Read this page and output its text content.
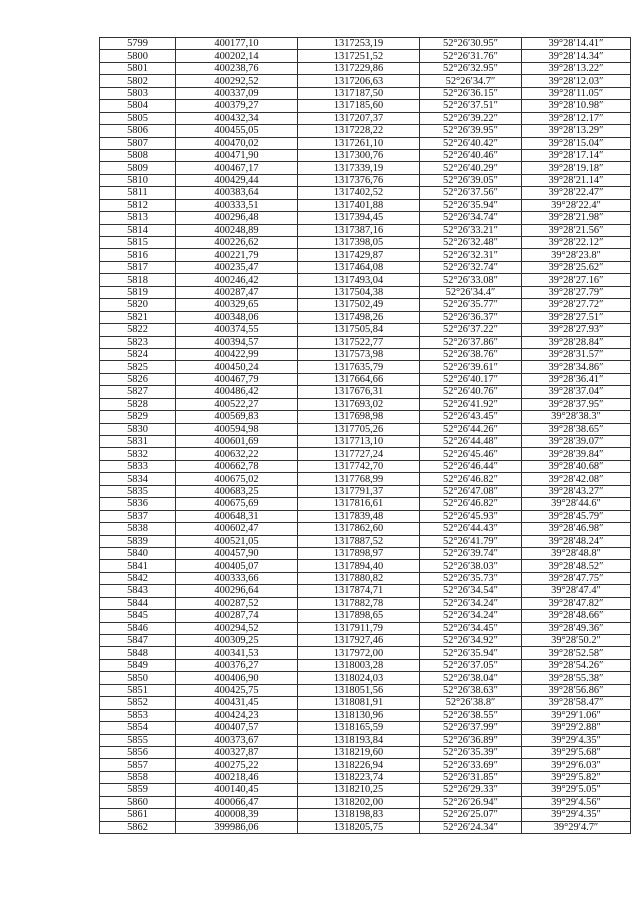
5799	400177,10	1317253,19	52°26′30.95″	39°28′14.41″
5800	400202,14	1317251,52	52°26′31.76″	39°28′14.34″
5801	400238,76	1317229,86	52°26′32.95″	39°28′13.22″
5802	400292,52	1317206,63	52°26′34.7″	39°28′12.03″
5803	400337,09	1317187,50	52°26′36.15″	39°28′11.05″
5804	400379,27	1317185,60	52°26′37.51″	39°28′10.98″
5805	400432,34	1317207,37	52°26′39.22″	39°28′12.17″
5806	400455,05	1317228,22	52°26′39.95″	39°28′13.29″
5807	400470,02	1317261,10	52°26′40.42″	39°28′15.04″
5808	400471,90	1317300,76	52°26′40.46″	39°28′17.14″
5809	400467,17	1317339,19	52°26′40.29″	39°28′19.18″
5810	400429,44	1317376,76	52°26′39.05″	39°28′21.14″
5811	400383,64	1317402,52	52°26′37.56″	39°28′22.47″
5812	400333,51	1317401,88	52°26′35.94″	39°28′22.4″
5813	400296,48	1317394,45	52°26′34.74″	39°28′21.98″
5814	400248,89	1317387,16	52°26′33.21″	39°28′21.56″
5815	400226,62	1317398,05	52°26′32.48″	39°28′22.12″
5816	400221,79	1317429,87	52°26′32.31″	39°28′23.8″
5817	400235,47	1317464,08	52°26′32.74″	39°28′25.62″
5818	400246,42	1317493,04	52°26′33.08″	39°28′27.16″
5819	400287,47	1317504,38	52°26′34.4″	39°28′27.79″
5820	400329,65	1317502,49	52°26′35.77″	39°28′27.72″
5821	400348,06	1317498,26	52°26′36.37″	39°28′27.51″
5822	400374,55	1317505,84	52°26′37.22″	39°28′27.93″
5823	400394,57	1317522,77	52°26′37.86″	39°28′28.84″
5824	400422,99	1317573,98	52°26′38.76″	39°28′31.57″
5825	400450,24	1317635,79	52°26′39.61″	39°28′34.86″
5826	400467,79	1317664,66	52°26′40.17″	39°28′36.41″
5827	400486,42	1317676,31	52°26′40.76″	39°28′37.04″
5828	400522,27	1317693,02	52°26′41.92″	39°28′37.95″
5829	400569,83	1317698,98	52°26′43.45″	39°28′38.3″
5830	400594,98	1317705,26	52°26′44.26″	39°28′38.65″
5831	400601,69	1317713,10	52°26′44.48″	39°28′39.07″
5832	400632,22	1317727,24	52°26′45.46″	39°28′39.84″
5833	400662,78	1317742,70	52°26′46.44″	39°28′40.68″
5834	400675,02	1317768,99	52°26′46.82″	39°28′42.08″
5835	400683,25	1317791,37	52°26′47.08″	39°28′43.27″
5836	400675,69	1317816,61	52°26′46.82″	39°28′44.6″
5837	400648,31	1317839,48	52°26′45.93″	39°28′45.79″
5838	400602,47	1317862,60	52°26′44.43″	39°28′46.98″
5839	400521,05	1317887,52	52°26′41.79″	39°28′48.24″
5840	400457,90	1317898,97	52°26′39.74″	39°28′48.8″
5841	400405,07	1317894,40	52°26′38.03″	39°28′48.52″
5842	400333,66	1317880,82	52°26′35.73″	39°28′47.75″
5843	400296,64	1317874,71	52°26′34.54″	39°28′47.4″
5844	400287,52	1317882,78	52°26′34.24″	39°28′47.82″
5845	400287,74	1317898,65	52°26′34.24″	39°28′48.66″
5846	400294,52	1317911,79	52°26′34.45″	39°28′49.36″
5847	400309,25	1317927,46	52°26′34.92″	39°28′50.2″
5848	400341,53	1317972,00	52°26′35.94″	39°28′52.58″
5849	400376,27	1318003,28	52°26′37.05″	39°28′54.26″
5850	400406,90	1318024,03	52°26′38.04″	39°28′55.38″
5851	400425,75	1318051,56	52°26′38.63″	39°28′56.86″
5852	400431,45	1318081,91	52°26′38.8″	39°28′58.47″
5853	400424,23	1318130,96	52°26′38.55″	39°29′1.06″
5854	400407,57	1318165,59	52°26′37.99″	39°29′2.88″
5855	400373,67	1318193,84	52°26′36.89″	39°29′4.35″
5856	400327,87	1318219,60	52°26′35.39″	39°29′5.68″
5857	400275,22	1318226,94	52°26′33.69″	39°29′6.03″
5858	400218,46	1318223,74	52°26′31.85″	39°29′5.82″
5859	400140,45	1318210,25	52°26′29.33″	39°29′5.05″
5860	400066,47	1318202,00	52°26′26.94″	39°29′4.56″
5861	400008,39	1318198,83	52°26′25.07″	39°29′4.35″
5862	399986,06	1318205,75	52°26′24.34″	39°29′4.7″
